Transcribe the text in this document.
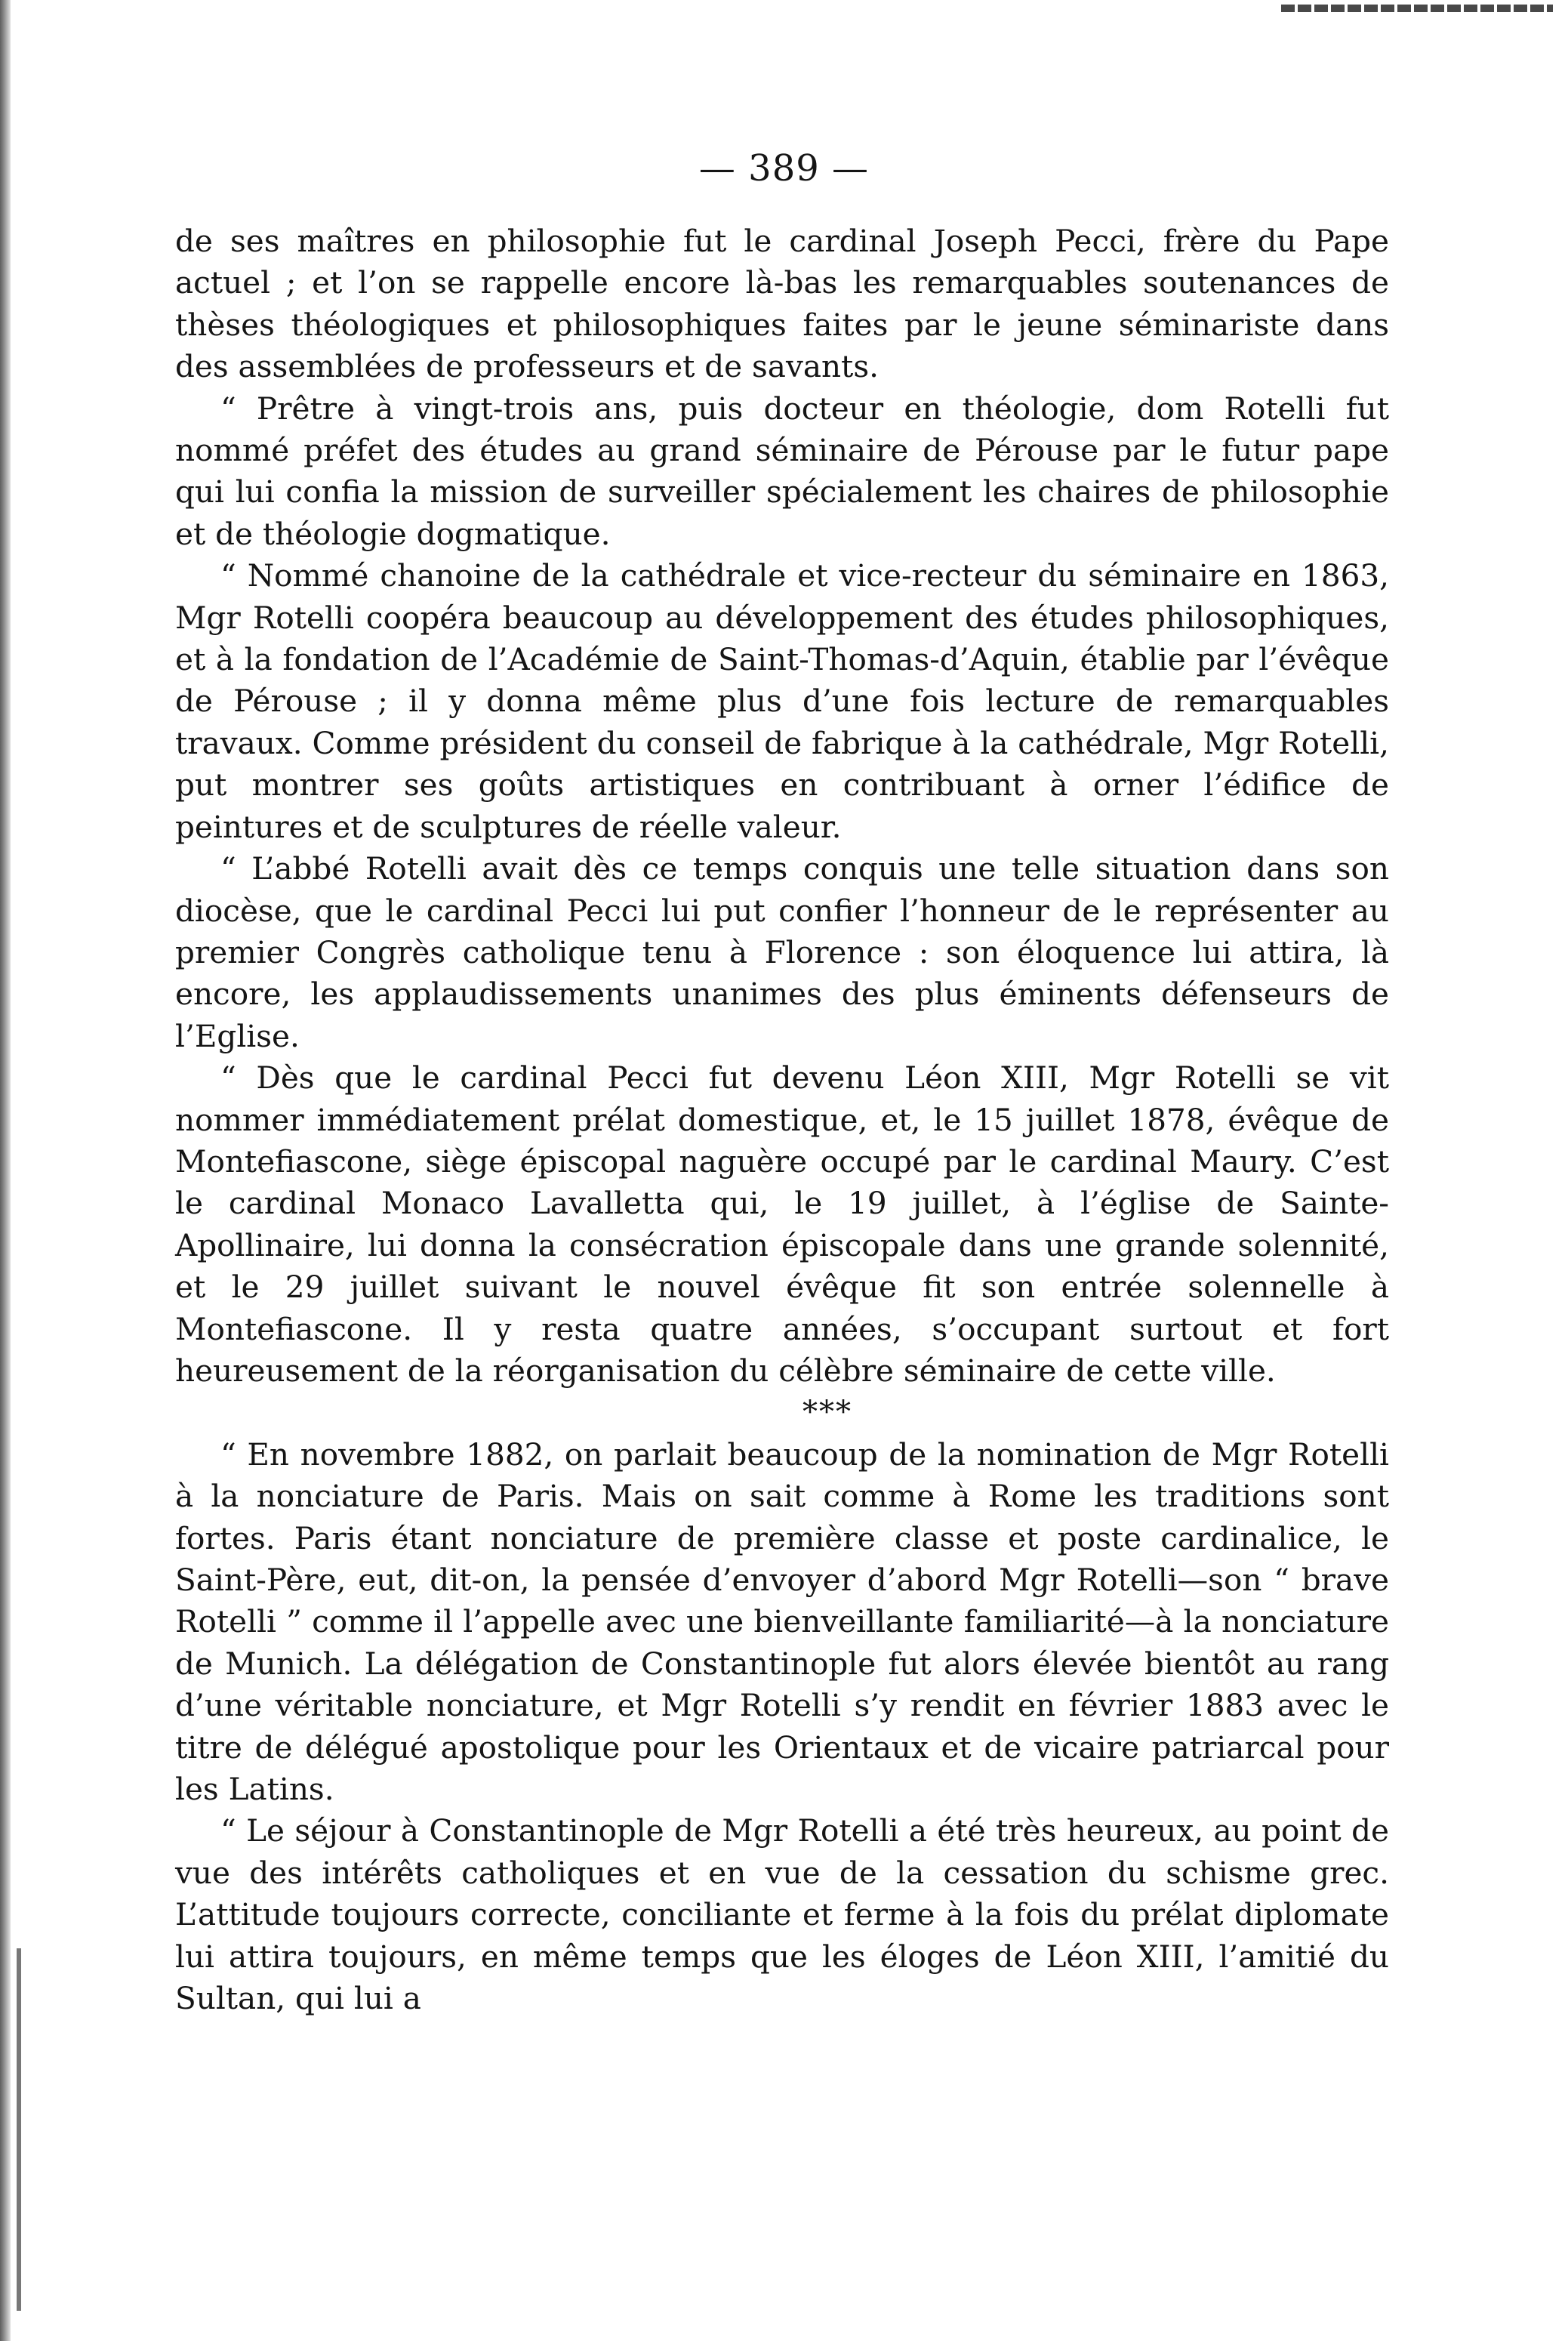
— 389 —

de ses maîtres en philosophie fut le cardinal Joseph Pecci, frère du Pape actuel ; et l’on se rappelle encore là-bas les remarquables soutenances de thèses théologiques et philosophiques faites par le jeune séminariste dans des assemblées de professeurs et de savants.

“ Prêtre à vingt-trois ans, puis docteur en théologie, dom Rotelli fut nommé préfet des études au grand séminaire de Pérouse par le futur pape qui lui confia la mission de surveiller spécialement les chaires de philosophie et de théologie dogmatique.

“ Nommé chanoine de la cathédrale et vice-recteur du séminaire en 1863, Mgr Rotelli coopéra beaucoup au développement des études philosophiques, et à la fondation de l’Académie de Saint-Thomas-d’Aquin, établie par l’évêque de Pérouse ; il y donna même plus d’une fois lecture de remarquables travaux. Comme président du conseil de fabrique à la cathédrale, Mgr Rotelli, put montrer ses goûts artistiques en contribuant à orner l’édifice de peintures et de sculptures de réelle valeur.

“ L’abbé Rotelli avait dès ce temps conquis une telle situation dans son diocèse, que le cardinal Pecci lui put confier l’honneur de le représenter au premier Congrès catholique tenu à Florence : son éloquence lui attira, là encore, les applaudissements unanimes des plus éminents défenseurs de l’Eglise.

“ Dès que le cardinal Pecci fut devenu Léon XIII, Mgr Rotelli se vit nommer immédiatement prélat domestique, et, le 15 juillet 1878, évêque de Montefiascone, siège épiscopal naguère occupé par le cardinal Maury. C’est le cardinal Monaco Lavalletta qui, le 19 juillet, à l’église de Sainte-Apollinaire, lui donna la consécration épiscopale dans une grande solennité, et le 29 juillet suivant le nouvel évêque fit son entrée solennelle à Montefiascone. Il y resta quatre années, s’occupant surtout et fort heureusement de la réorganisation du célèbre séminaire de cette ville.

***

“ En novembre 1882, on parlait beaucoup de la nomination de Mgr Rotelli à la nonciature de Paris. Mais on sait comme à Rome les traditions sont fortes. Paris étant nonciature de première classe et poste cardinalice, le Saint-Père, eut, dit-on, la pensée d’envoyer d’abord Mgr Rotelli—son “ brave Rotelli ” comme il l’appelle avec une bienveillante familiarité—à la nonciature de Munich. La délégation de Constantinople fut alors élevée bientôt au rang d’une véritable nonciature, et Mgr Rotelli s’y rendit en février 1883 avec le titre de délégué apostolique pour les Orientaux et de vicaire patriarcal pour les Latins.

“ Le séjour à Constantinople de Mgr Rotelli a été très heureux, au point de vue des intérêts catholiques et en vue de la cessation du schisme grec. L’attitude toujours correcte, conciliante et ferme à la fois du prélat diplomate lui attira toujours, en même temps que les éloges de Léon XIII, l’amitié du Sultan, qui lui a
